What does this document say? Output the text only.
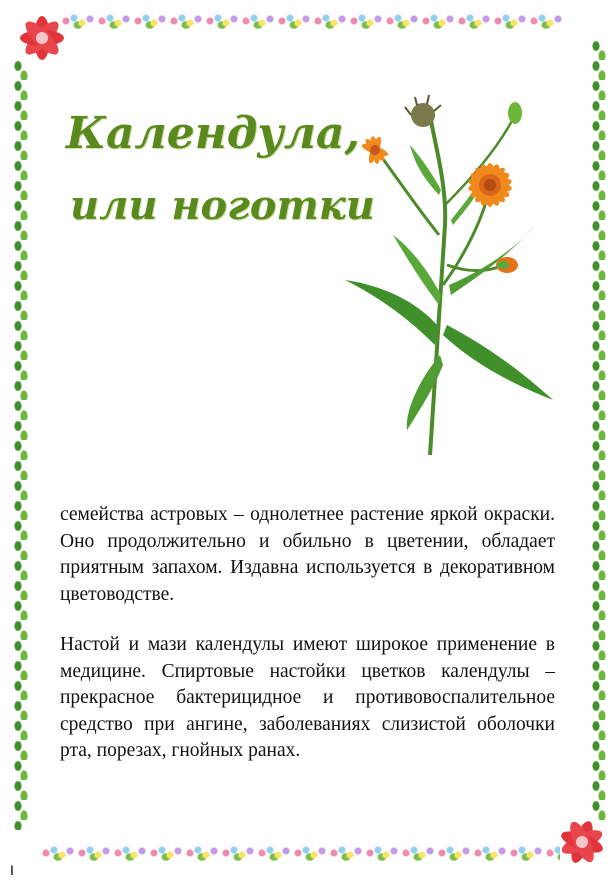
Календула,
или ноготки

семейства астровых – однолетнее растение яркой окраски. Оно продолжительно и обильно в цветении, обладает приятным запахом. Издавна используется в декоративном цветоводстве.

Настой и мази календулы имеют широкое применение в медицине. Спиртовые настойки цветков календулы – прекрасное бактерицидное и противовоспалительное средство при ангине, заболеваниях слизистой оболочки рта, порезах, гнойных ранах.

I
